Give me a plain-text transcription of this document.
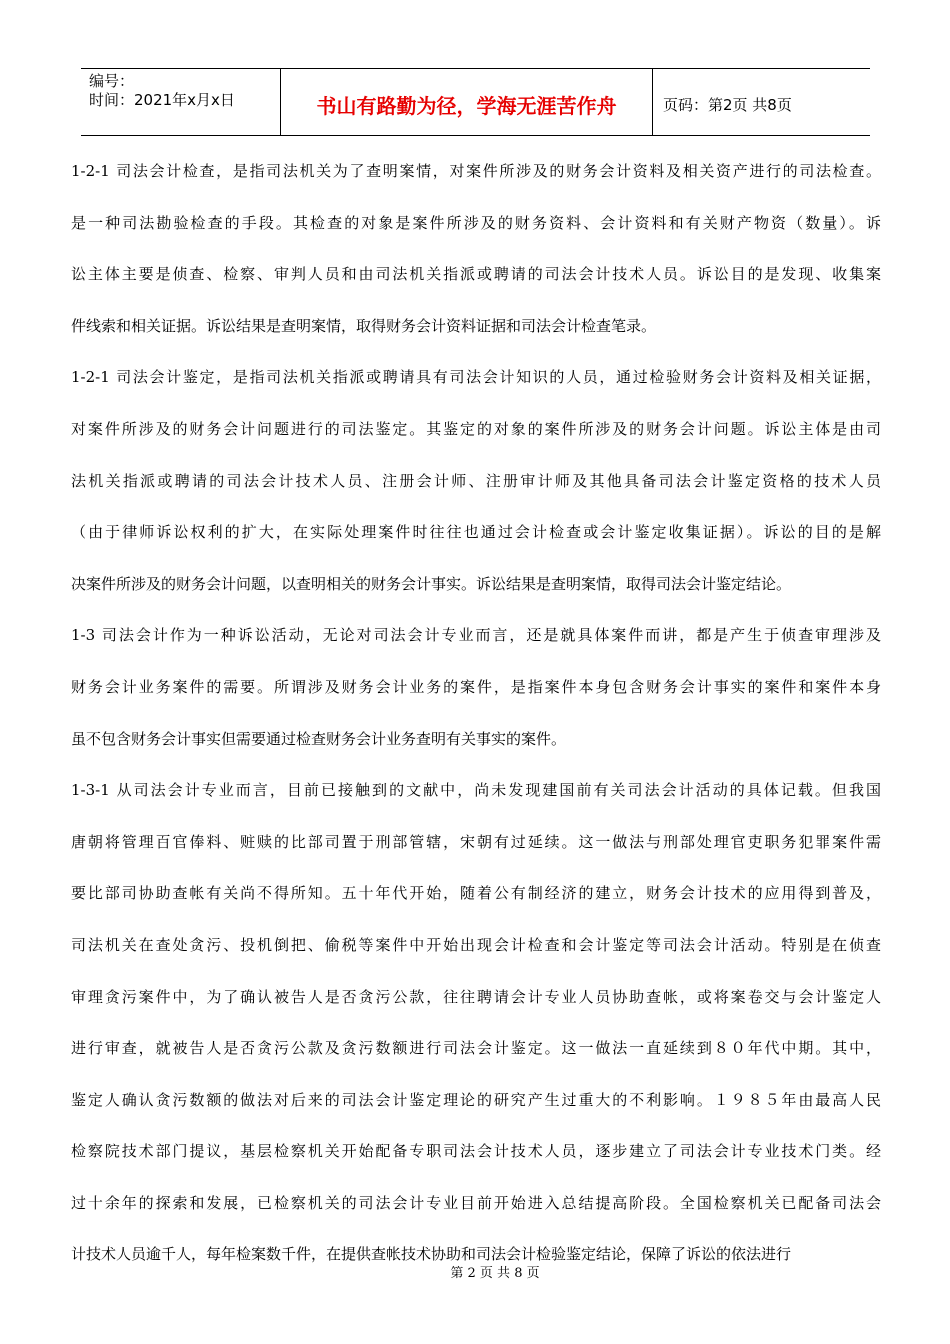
编号：
时间：2021年x月x日	书山有路勤为径，学海无涯苦作舟	页码：第2页 共8页
1-2-1 司法会计检查，是指司法机关为了查明案情，对案件所涉及的财务会计资料及相关资产进行的司法检查。
是一种司法勘验检查的手段。其检查的对象是案件所涉及的财务资料、会计资料和有关财产物资（数量）。诉
讼主体主要是侦查、检察、审判人员和由司法机关指派或聘请的司法会计技术人员。诉讼目的是发现、收集案
件线索和相关证据。诉讼结果是查明案情，取得财务会计资料证据和司法会计检查笔录。
1-2-1 司法会计鉴定，是指司法机关指派或聘请具有司法会计知识的人员，通过检验财务会计资料及相关证据，
对案件所涉及的财务会计问题进行的司法鉴定。其鉴定的对象的案件所涉及的财务会计问题。诉讼主体是由司
法机关指派或聘请的司法会计技术人员、注册会计师、注册审计师及其他具备司法会计鉴定资格的技术人员
（由于律师诉讼权利的扩大，在实际处理案件时往往也通过会计检查或会计鉴定收集证据）。诉讼的目的是解
决案件所涉及的财务会计问题，以查明相关的财务会计事实。诉讼结果是查明案情，取得司法会计鉴定结论。
1-3 司法会计作为一种诉讼活动，无论对司法会计专业而言，还是就具体案件而讲，都是产生于侦查审理涉及
财务会计业务案件的需要。所谓涉及财务会计业务的案件，是指案件本身包含财务会计事实的案件和案件本身
虽不包含财务会计事实但需要通过检查财务会计业务查明有关事实的案件。
1-3-1 从司法会计专业而言，目前已接触到的文献中，尚未发现建国前有关司法会计活动的具体记载。但我国
唐朝将管理百官俸料、赃赎的比部司置于刑部管辖，宋朝有过延续。这一做法与刑部处理官吏职务犯罪案件需
要比部司协助查帐有关尚不得所知。五十年代开始，随着公有制经济的建立，财务会计技术的应用得到普及，
司法机关在查处贪污、投机倒把、偷税等案件中开始出现会计检查和会计鉴定等司法会计活动。特别是在侦查
审理贪污案件中，为了确认被告人是否贪污公款，往往聘请会计专业人员协助查帐，或将案卷交与会计鉴定人
进行审查，就被告人是否贪污公款及贪污数额进行司法会计鉴定。这一做法一直延续到８０年代中期。其中，
鉴定人确认贪污数额的做法对后来的司法会计鉴定理论的研究产生过重大的不利影响。１９８５年由最高人民
检察院技术部门提议，基层检察机关开始配备专职司法会计技术人员，逐步建立了司法会计专业技术门类。经
过十余年的探索和发展，已检察机关的司法会计专业目前开始进入总结提高阶段。全国检察机关已配备司法会
计技术人员逾千人，每年检案数千件，在提供查帐技术协助和司法会计检验鉴定结论，保障了诉讼的依法进行
第 2 页 共 8 页
